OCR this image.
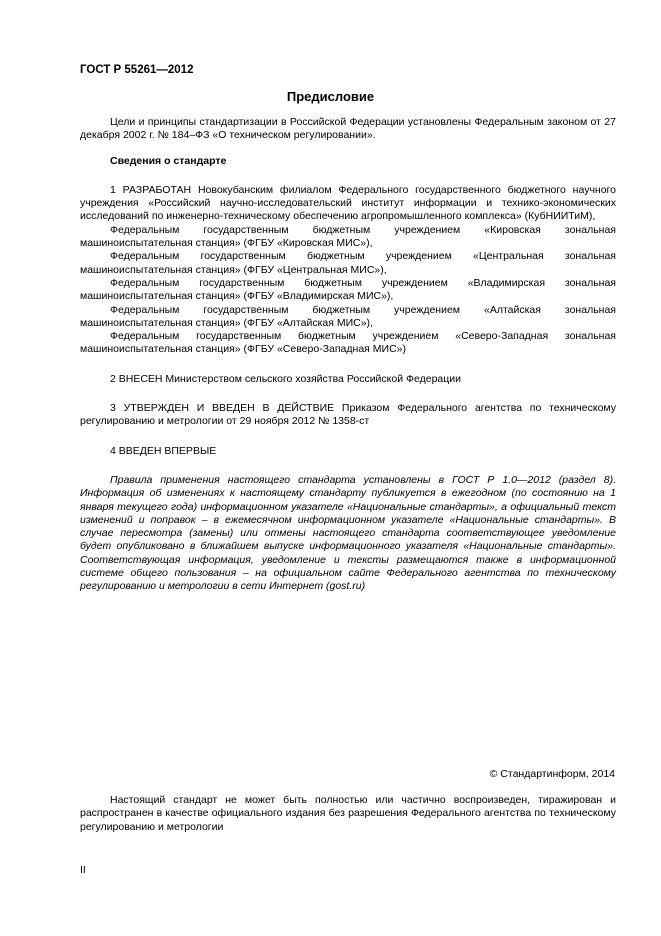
ГОСТ Р 55261—2012
Предисловие

Цели и принципы стандартизации в Российской Федерации установлены Федеральным законом от 27 декабря 2002 г. № 184–ФЗ «О техническом регулировании».

Сведения о стандарте

1 РАЗРАБОТАН Новокубанским филиалом Федерального государственного бюджетного научного учреждения «Российский научно-исследовательский институт информации и технико-экономических исследований по инженерно-техническому обеспечению агропромышленного комплекса» (КубНИИТиМ),

Федеральным государственным бюджетным учреждением «Кировская зональная машиноиспытательная станция» (ФГБУ «Кировская МИС»),

Федеральным государственным бюджетным учреждением «Центральная зональная машиноиспытательная станция» (ФГБУ «Центральная МИС»),

Федеральным государственным бюджетным учреждением «Владимирская зональная машиноиспытательная станция» (ФГБУ «Владимирская МИС»),

Федеральным государственным бюджетным учреждением «Алтайская зональная машиноиспытательная станция» (ФГБУ «Алтайская МИС»),

Федеральным государственным бюджетным учреждением «Северо-Западная зональная машиноиспытательная станция» (ФГБУ «Северо-Западная МИС»)

2 ВНЕСЕН Министерством сельского хозяйства Российской Федерации

3 УТВЕРЖДЕН И ВВЕДЕН В ДЕЙСТВИЕ Приказом Федерального агентства по техническому регулированию и метрологии от 29 ноября 2012 № 1358-ст

4 ВВЕДЕН ВПЕРВЫЕ

Правила применения настоящего стандарта установлены в ГОСТ Р 1.0—2012 (раздел 8). Информация об изменениях к настоящему стандарту публикуется в ежегодном (по состоянию на 1 января текущего года) информационном указателе «Национальные стандарты», а официальный текст изменений и поправок – в ежемесячном информационном указателе «Национальные стандарты». В случае пересмотра (замены) или отмены настоящего стандарта соответствующее уведомление будет опубликовано в ближайшем выпуске информационного указателя «Национальные стандарты». Соответствующая информация, уведомление и тексты размещаются также в информационной системе общего пользования – на официальном сайте Федерального агентства по техническому регулированию и метрологии в сети Интернет (gost.ru)

© Стандартинформ, 2014

Настоящий стандарт не может быть полностью или частично воспроизведен, тиражирован и распространен в качестве официального издания без разрешения Федерального агентства по техническому регулированию и метрологии

II
